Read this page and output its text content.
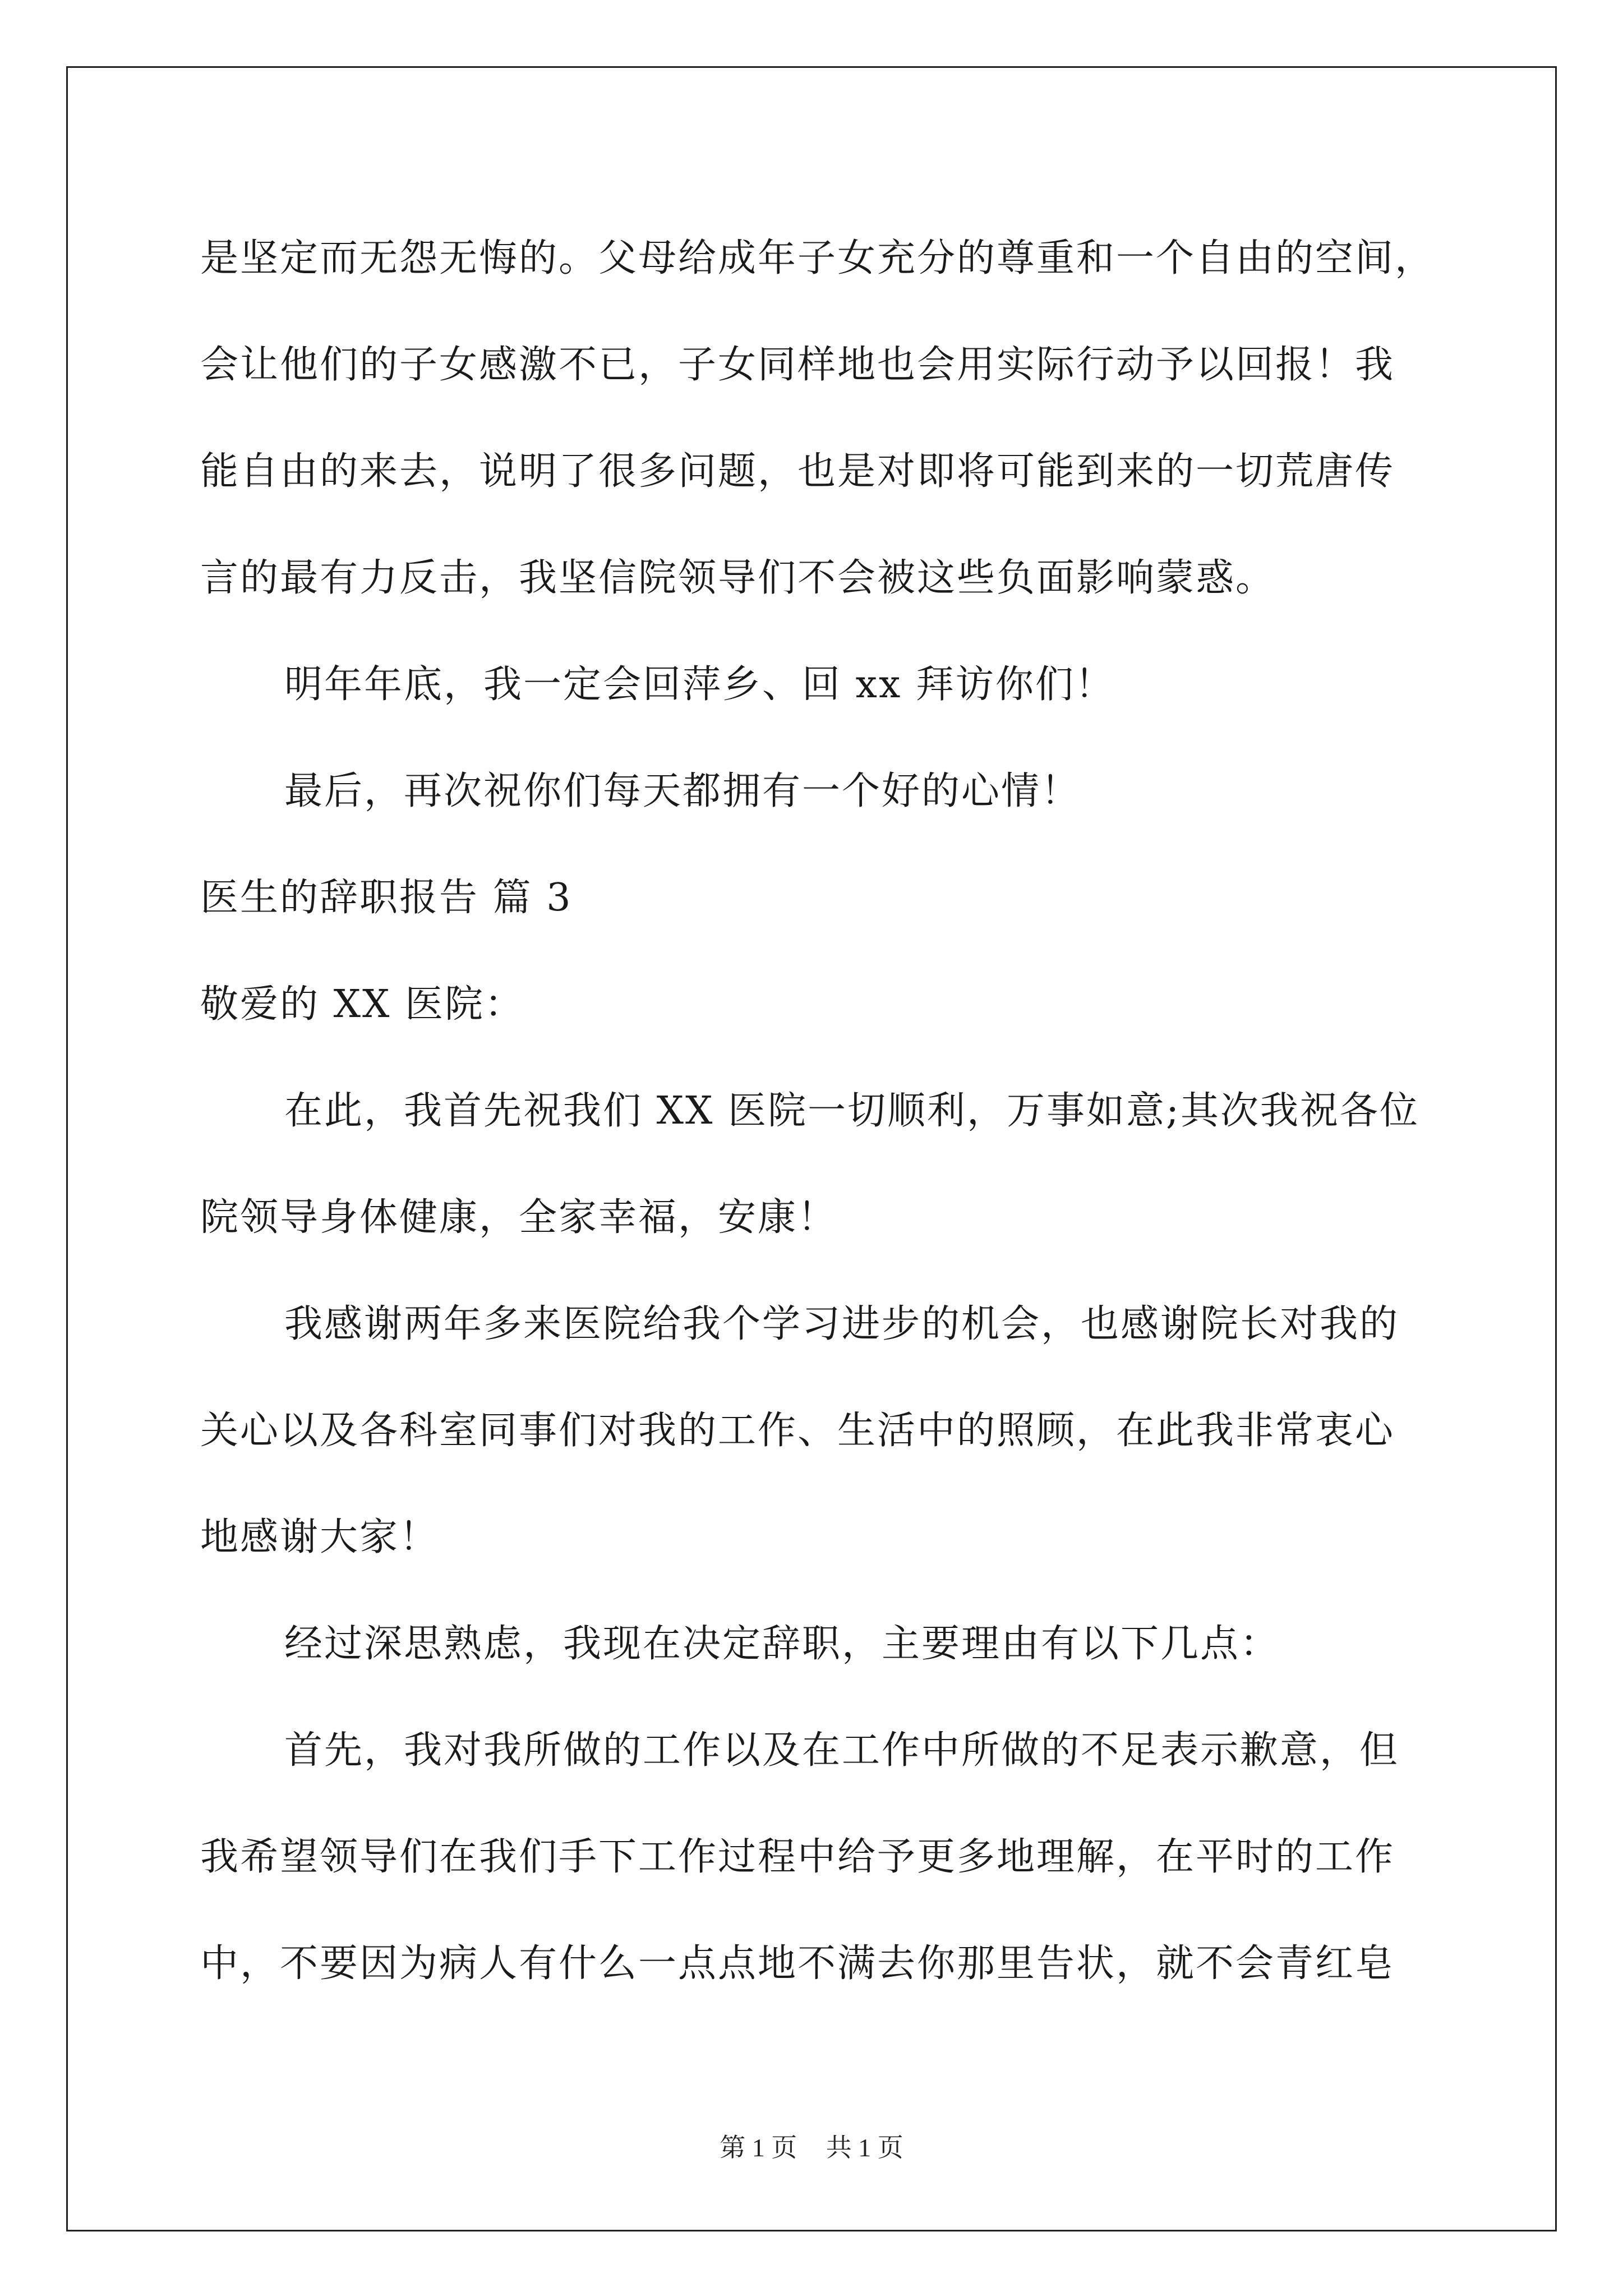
是坚定而无怨无悔的。父母给成年子女充分的尊重和一个自由的空间，
会让他们的子女感激不已，子女同样地也会用实际行动予以回报！我
能自由的来去，说明了很多问题，也是对即将可能到来的一切荒唐传
言的最有力反击，我坚信院领导们不会被这些负面影响蒙惑。
明年年底，我一定会回萍乡、回 xx 拜访你们！
最后，再次祝你们每天都拥有一个好的心情！
医生的辞职报告 篇 3
敬爱的 XX 医院：
在此，我首先祝我们 XX 医院一切顺利，万事如意;其次我祝各位
院领导身体健康，全家幸福，安康！
我感谢两年多来医院给我个学习进步的机会，也感谢院长对我的
关心以及各科室同事们对我的工作、生活中的照顾，在此我非常衷心
地感谢大家！
经过深思熟虑，我现在决定辞职，主要理由有以下几点：
首先，我对我所做的工作以及在工作中所做的不足表示歉意，但
我希望领导们在我们手下工作过程中给予更多地理解，在平时的工作
中，不要因为病人有什么一点点地不满去你那里告状，就不会青红皂
第 1 页 共 1 页
